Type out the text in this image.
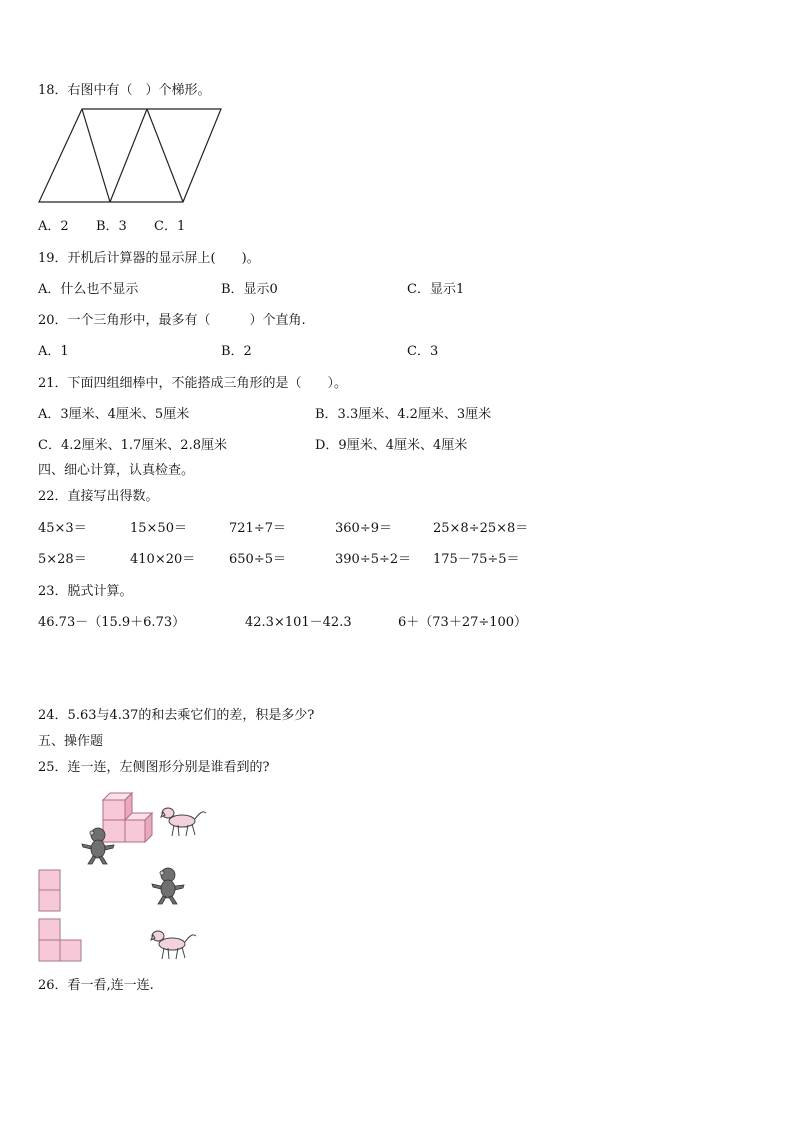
18．右图中有（　）个梯形。
A．2 B．3 C．1
19．开机后计算器的显示屏上(　　)。
A．什么也不显示	B．显示0	C．显示1
20．一个三角形中，最多有（　　　）个直角.
A．1	B．2	C．3
21．下面四组细棒中，不能搭成三角形的是（　　）。
A．3厘米、4厘米、5厘米	B．3.3厘米、4.2厘米、3厘米
C．4.2厘米、1.7厘米、2.8厘米	D．9厘米、4厘米、4厘米
四、细心计算，认真检查。
22．直接写出得数。
45×3＝	15×50＝	721÷7＝	360÷9＝	25×8÷25×8＝
5×28＝	410×20＝	650÷5＝	390÷5÷2＝ 175－75÷5＝
23．脱式计算。
46.73－（15.9＋6.73）	42.3×101－42.3	6＋（73＋27÷100）
24．5.63与4.37的和去乘它们的差，积是多少?
五、操作题
25．连一连，左侧图形分别是谁看到的?
26．看一看,连一连.
